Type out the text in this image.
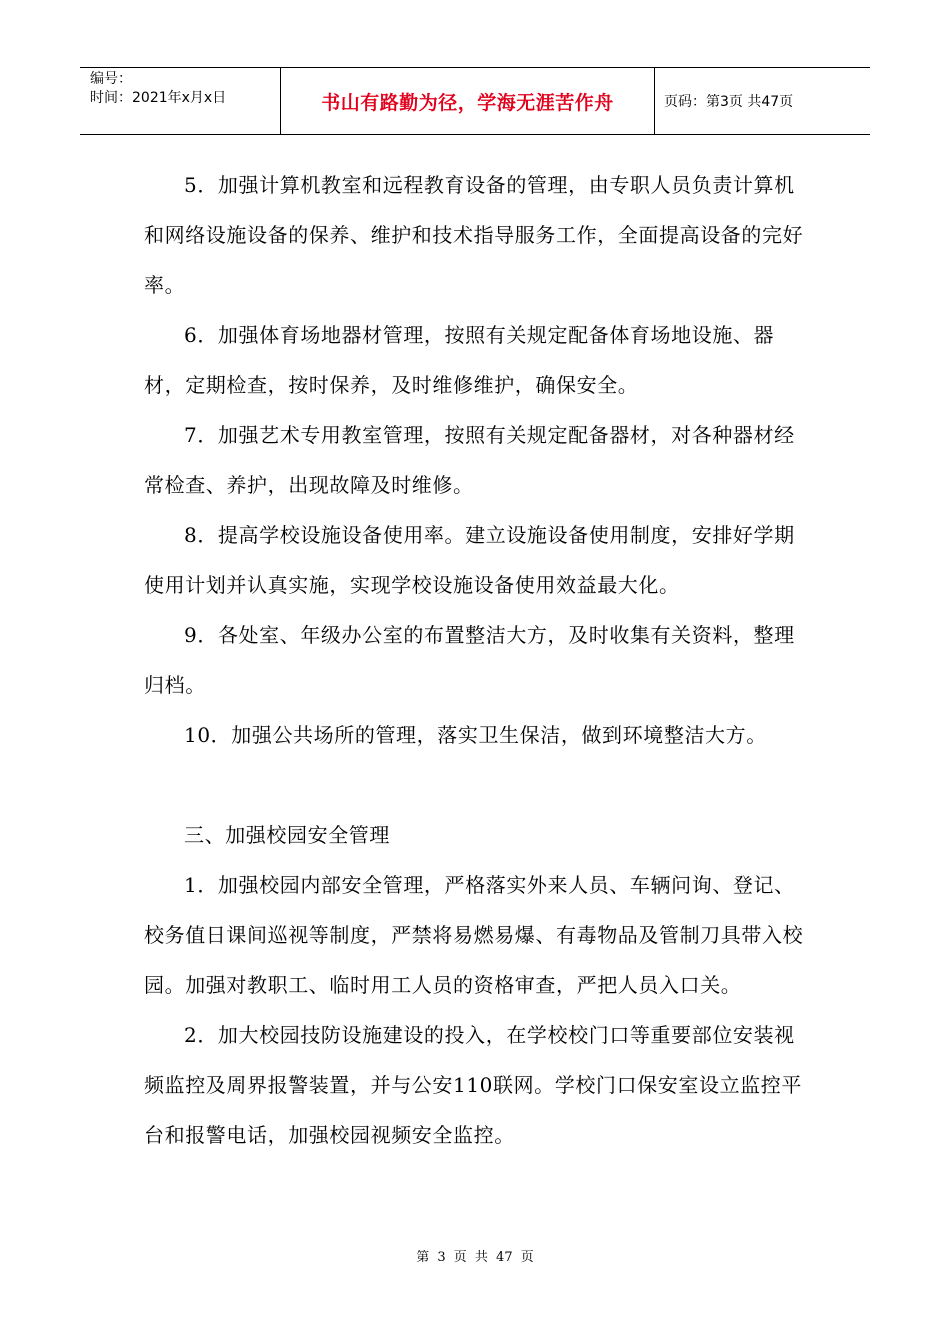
编号：
时间：2021年x月x日	书山有路勤为径，学海无涯苦作舟	页码：第3页 共47页

5．加强计算机教室和远程教育设备的管理，由专职人员负责计算机和网络设施设备的保养、维护和技术指导服务工作，全面提高设备的完好率。

6．加强体育场地器材管理，按照有关规定配备体育场地设施、器材，定期检查，按时保养，及时维修维护，确保安全。

7．加强艺术专用教室管理，按照有关规定配备器材，对各种器材经常检查、养护，出现故障及时维修。

8．提高学校设施设备使用率。建立设施设备使用制度，安排好学期使用计划并认真实施，实现学校设施设备使用效益最大化。

9．各处室、年级办公室的布置整洁大方，及时收集有关资料，整理归档。

10．加强公共场所的管理，落实卫生保洁，做到环境整洁大方。

三、加强校园安全管理

1．加强校园内部安全管理，严格落实外来人员、车辆问询、登记、校务值日课间巡视等制度，严禁将易燃易爆、有毒物品及管制刀具带入校园。加强对教职工、临时用工人员的资格审查，严把人员入口关。

2．加大校园技防设施建设的投入，在学校校门口等重要部位安装视频监控及周界报警装置，并与公安110联网。学校门口保安室设立监控平台和报警电话，加强校园视频安全监控。

第 3 页 共 47 页
